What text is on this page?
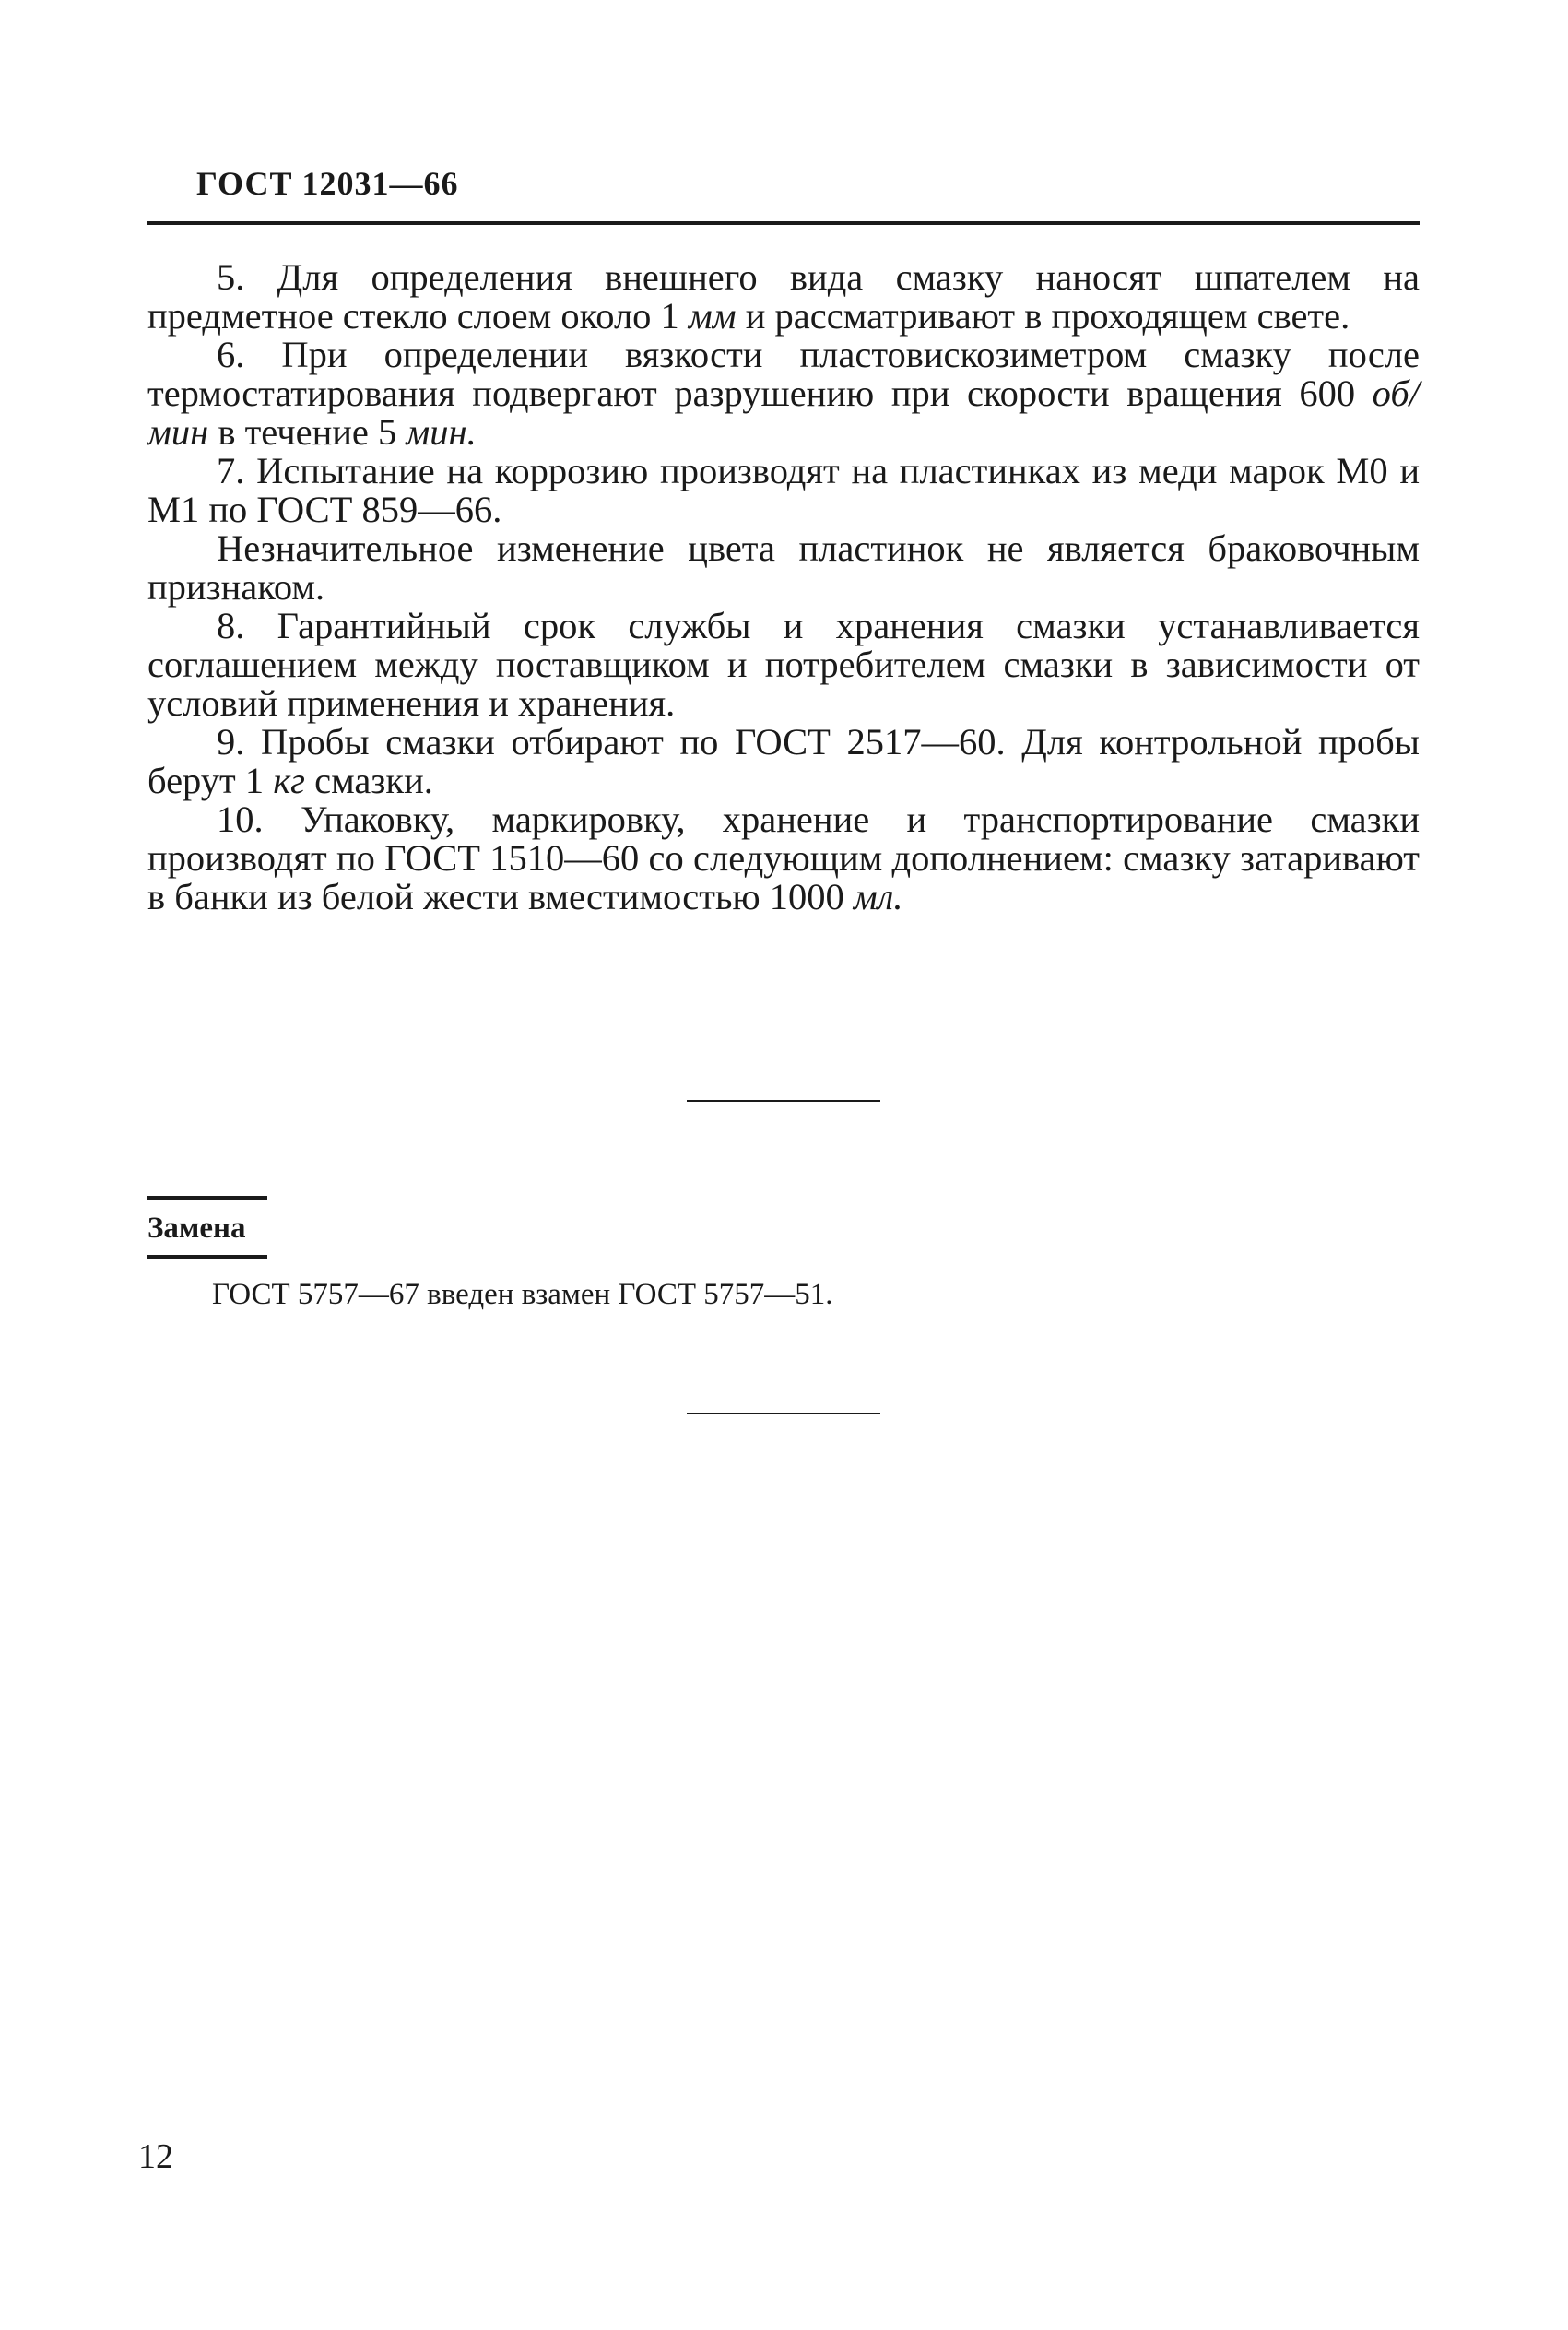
ГОСТ 12031—66

5. Для определения внешнего вида смазку наносят шпателем на предметное стекло слоем около 1 мм и рассматривают в проходящем свете.

6. При определении вязкости пластовискозиметром смазку после термостатирования подвергают разрушению при скорости вращения 600 об/мин в течение 5 мин.

7. Испытание на коррозию производят на пластинках из меди марок М0 и М1 по ГОСТ 859—66.

Незначительное изменение цвета пластинок не является браковочным признаком.

8. Гарантийный срок службы и хранения смазки устанавливается соглашением между поставщиком и потребителем смазки в зависимости от условий применения и хранения.

9. Пробы смазки отбирают по ГОСТ 2517—60. Для контрольной пробы берут 1 кг смазки.

10. Упаковку, маркировку, хранение и транспортирование смазки производят по ГОСТ 1510—60 со следующим дополнением: смазку затаривают в банки из белой жести вместимостью 1000 мл.

Замена
ГОСТ 5757—67 введен взамен ГОСТ 5757—51.
12
